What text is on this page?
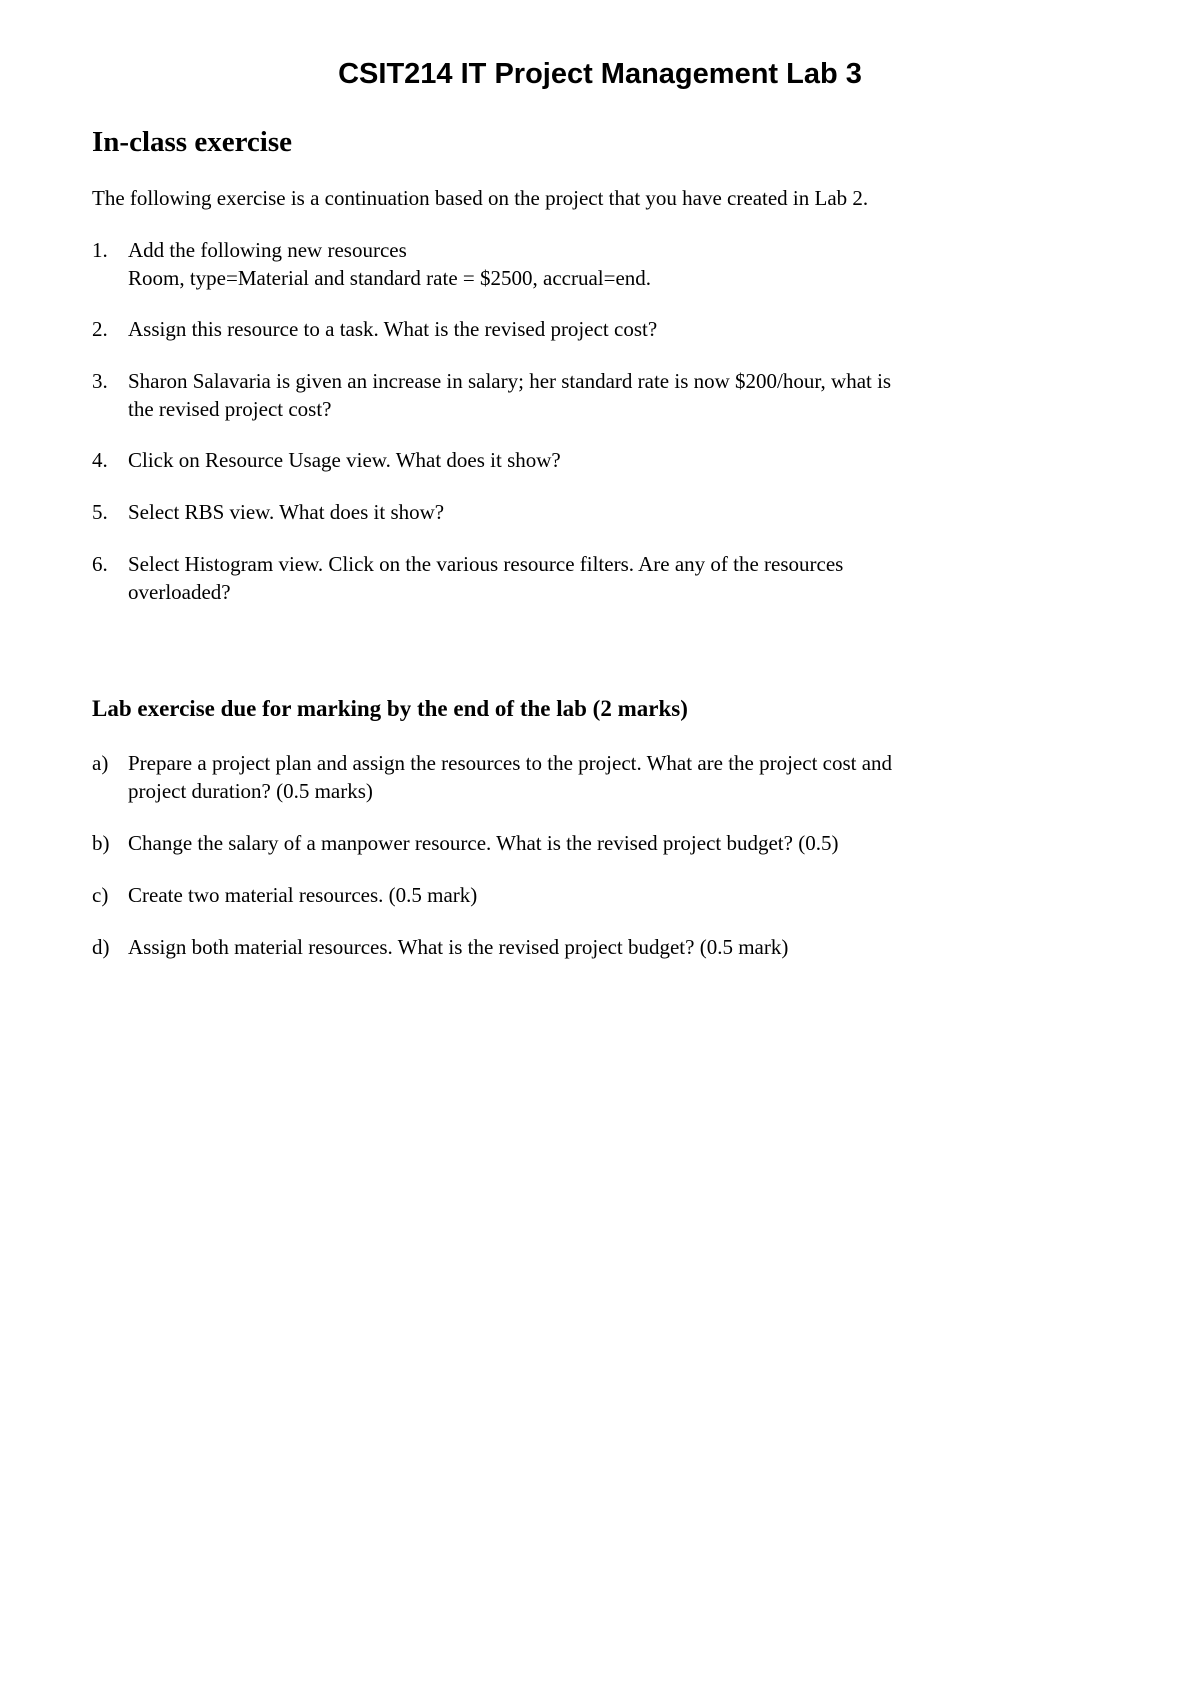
CSIT214 IT Project Management Lab 3
In-class exercise

The following exercise is a continuation based on the project that you have created in Lab 2.

1. Add the following new resources
Room, type=Material and standard rate = $2500, accrual=end.
2. Assign this resource to a task. What is the revised project cost?
3. Sharon Salavaria is given an increase in salary; her standard rate is now $200/hour, what is
the revised project cost?
4. Click on Resource Usage view. What does it show?
5. Select RBS view. What does it show?
6. Select Histogram view. Click on the various resource filters. Are any of the resources
overloaded?
Lab exercise due for marking by the end of the lab (2 marks)
a) Prepare a project plan and assign the resources to the project. What are the project cost and
project duration? (0.5 marks)
b) Change the salary of a manpower resource. What is the revised project budget? (0.5)
c) Create two material resources. (0.5 mark)
d) Assign both material resources. What is the revised project budget? (0.5 mark)
